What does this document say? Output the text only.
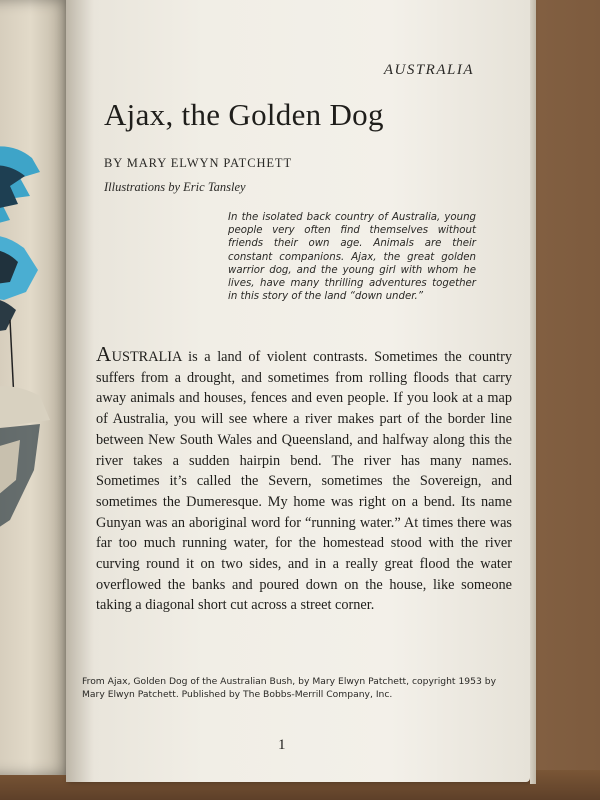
AUSTRALIA
Ajax, the Golden Dog
BY MARY ELWYN PATCHETT
Illustrations by Eric Tansley
In the isolated back country of Australia, young people very often find themselves without friends their own age. Animals are their constant companions. Ajax, the great golden warrior dog, and the young girl with whom he lives, have many thrilling adventures together in this story of the land “down under.”
AUSTRALIA is a land of violent contrasts. Sometimes the country suffers from a drought, and sometimes from rolling floods that carry away animals and houses, fences and even people. If you look at a map of Australia, you will see where a river makes part of the border line between New South Wales and Queensland, and halfway along this the river takes a sudden hairpin bend. The river has many names. Sometimes it’s called the Severn, sometimes the Sovereign, and sometimes the Dumeresque. My home was right on a bend. Its name Gunyan was an aboriginal word for “running water.” At times there was far too much running water, for the homestead stood with the river curving round it on two sides, and in a really great flood the water overflowed the banks and poured down on the house, like someone taking a diagonal short cut across a street corner.
From Ajax, Golden Dog of the Australian Bush, by Mary Elwyn Patchett, copyright 1953 by Mary Elwyn Patchett. Published by The Bobbs-Merrill Company, Inc.
1
